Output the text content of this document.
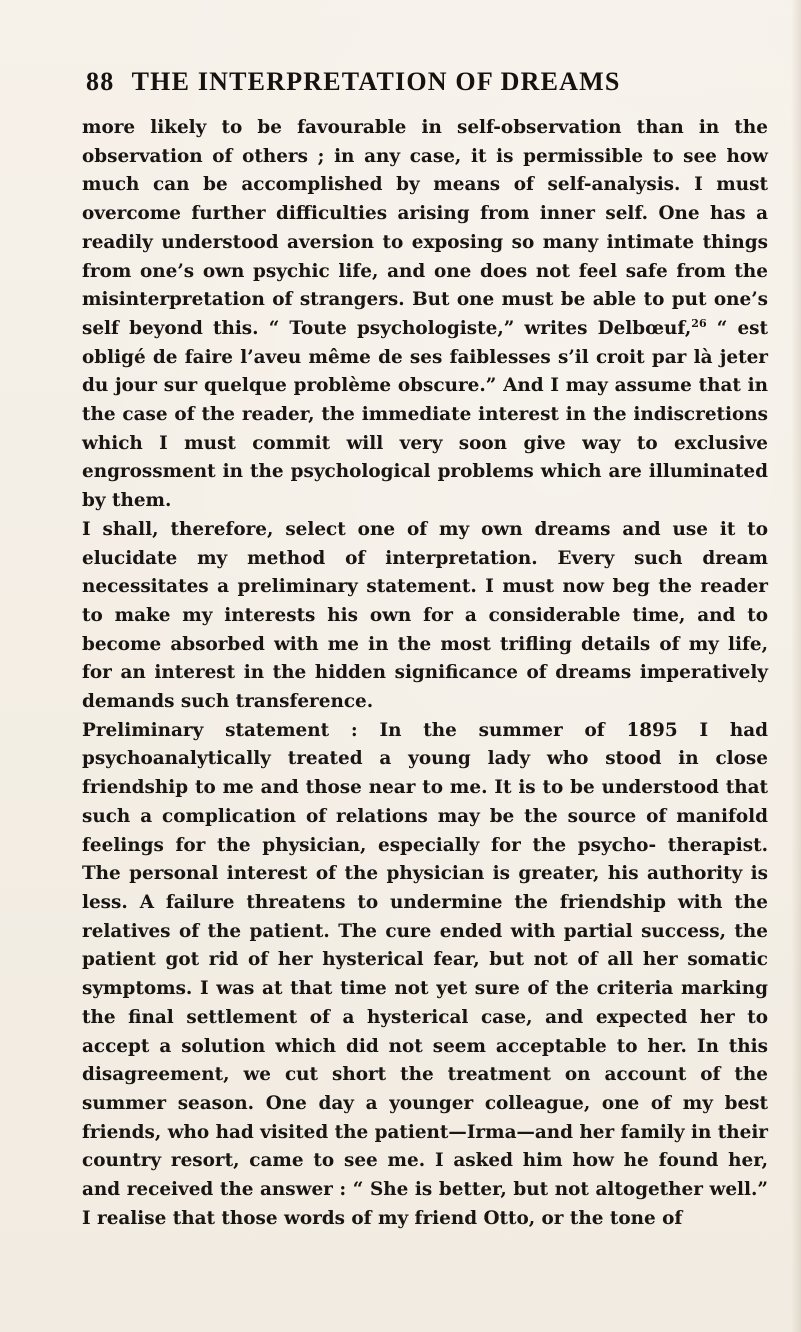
88 THE INTERPRETATION OF DREAMS

more likely to be favourable in self-observation than in the observation of others ; in any case, it is permissible to see how much can be accomplished by means of self-analysis. I must overcome further difficulties arising from inner self. One has a readily understood aversion to exposing so many intimate things from one’s own psychic life, and one does not feel safe from the misinterpretation of strangers. But one must be able to put one’s self beyond this. “ Toute psychologiste,” writes Delbœuf,$^{26}$ “ est obligé de faire l’aveu même de ses faiblesses s’il croit par là jeter du jour sur quelque problème obscure.” And I may assume that in the case of the reader, the immediate interest in the indiscretions which I must commit will very soon give way to exclusive engrossment in the psychological problems which are illuminated by them.

I shall, therefore, select one of my own dreams and use it to elucidate my method of interpretation. Every such dream necessitates a preliminary statement. I must now beg the reader to make my interests his own for a considerable time, and to become absorbed with me in the most trifling details of my life, for an interest in the hidden significance of dreams imperatively demands such transference.

Preliminary statement : In the summer of 1895 I had psychoanalytically treated a young lady who stood in close friendship to me and those near to me. It is to be understood that such a complication of relations may be the source of manifold feelings for the physician, especially for the psycho- therapist. The personal interest of the physician is greater, his authority is less. A failure threatens to undermine the friendship with the relatives of the patient. The cure ended with partial success, the patient got rid of her hysterical fear, but not of all her somatic symptoms. I was at that time not yet sure of the criteria marking the final settlement of a hysterical case, and expected her to accept a solution which did not seem acceptable to her. In this disagreement, we cut short the treatment on account of the summer season. One day a younger colleague, one of my best friends, who had visited the patient—Irma—and her family in their country resort, came to see me. I asked him how he found her, and received the answer : “ She is better, but not altogether well.” I realise that those words of my friend Otto, or the tone of
